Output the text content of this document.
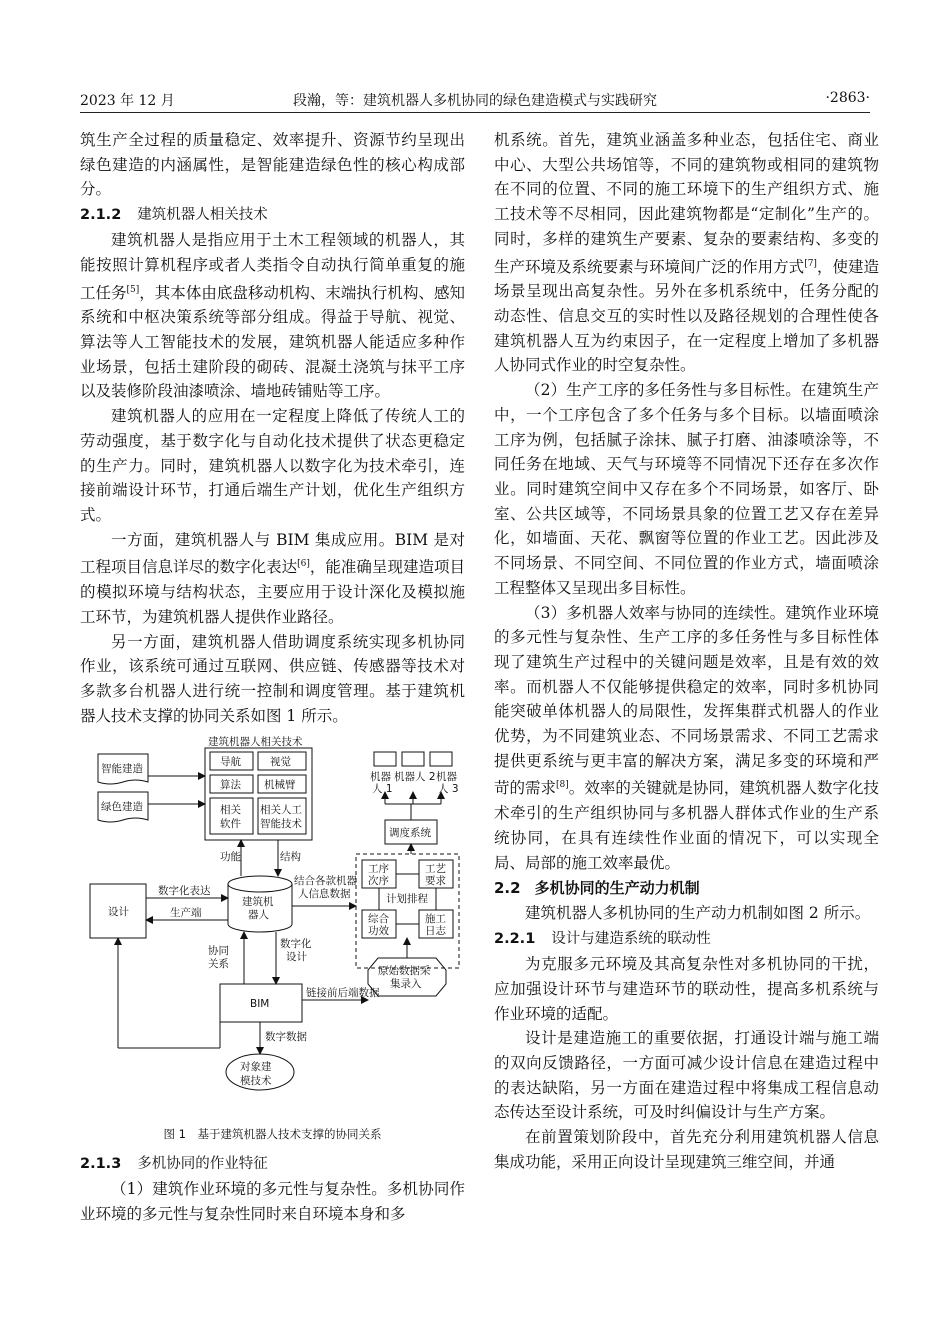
2023 年 12 月	段瀚，等：建筑机器人多机协同的绿色建造模式与实践研究	·2863·

筑生产全过程的质量稳定、效率提升、资源节约呈现出绿色建造的内涵属性，是智能建造绿色性的核心构成部分。

2.1.2 建筑机器人相关技术

建筑机器人是指应用于土木工程领域的机器人，其能按照计算机程序或者人类指令自动执行简单重复的施工任务[5]，其本体由底盘移动机构、末端执行机构、感知系统和中枢决策系统等部分组成。得益于导航、视觉、算法等人工智能技术的发展，建筑机器人能适应多种作业场景，包括土建阶段的砌砖、混凝土浇筑与抹平工序以及装修阶段油漆喷涂、墙地砖铺贴等工序。

建筑机器人的应用在一定程度上降低了传统人工的劳动强度，基于数字化与自动化技术提供了状态更稳定的生产力。同时，建筑机器人以数字化为技术牵引，连接前端设计环节，打通后端生产计划，优化生产组织方式。

一方面，建筑机器人与 BIM 集成应用。BIM 是对工程项目信息详尽的数字化表达[6]，能准确呈现建造项目的模拟环境与结构状态，主要应用于设计深化及模拟施工环节，为建筑机器人提供作业路径。

另一方面，建筑机器人借助调度系统实现多机协同作业，该系统可通过互联网、供应链、传感器等技术对多款多台机器人进行统一控制和调度管理。基于建筑机器人技术支撑的协同关系如图 1 所示。

建筑机器人相关技术
导航	视觉
算法 机械臂
相关
软件
相关人工
智能技术
智能建造
绿色建造
机器
人 1
机器人 2 机器
人 3
调度系统
功能	结构
数字化表达
结合各款机器
人信息数据
设计	生产端
建筑机
器人
工序
次序
工艺
要求
计划排程
综合
功效
施工
日志
协同
关系
数字化
设计
原始数据采
集录入
BIM
链接前后端数据
数字数据
对象建
模技术
图 1　基于建筑机器人技术支撑的协同关系
2.1.3 多机协同的作业特征

（1）建筑作业环境的多元性与复杂性。多机协同作业环境的多元性与复杂性同时来自环境本身和多

机系统。首先，建筑业涵盖多种业态，包括住宅、商业中心、大型公共场馆等，不同的建筑物或相同的建筑物在不同的位置、不同的施工环境下的生产组织方式、施工技术等不尽相同，因此建筑物都是“定制化”生产的。同时，多样的建筑生产要素、复杂的要素结构、多变的生产环境及系统要素与环境间广泛的作用方式[7]，使建造场景呈现出高复杂性。另外在多机系统中，任务分配的动态性、信息交互的实时性以及路径规划的合理性使各建筑机器人互为约束因子，在一定程度上增加了多机器人协同式作业的时空复杂性。

（2）生产工序的多任务性与多目标性。在建筑生产中，一个工序包含了多个任务与多个目标。以墙面喷涂工序为例，包括腻子涂抹、腻子打磨、油漆喷涂等，不同任务在地域、天气与环境等不同情况下还存在多次作业。同时建筑空间中又存在多个不同场景，如客厅、卧室、公共区域等，不同场景具象的位置工艺又存在差异化，如墙面、天花、飘窗等位置的作业工艺。因此涉及不同场景、不同空间、不同位置的作业方式，墙面喷涂工程整体又呈现出多目标性。

（3）多机器人效率与协同的连续性。建筑作业环境的多元性与复杂性、生产工序的多任务性与多目标性体现了建筑生产过程中的关键问题是效率，且是有效的效率。而机器人不仅能够提供稳定的效率，同时多机协同能突破单体机器人的局限性，发挥集群式机器人的作业优势，为不同建筑业态、不同场景需求、不同工艺需求提供更系统与更丰富的解决方案，满足多变的环境和严苛的需求[8]。效率的关键就是协同，建筑机器人数字化技术牵引的生产组织协同与多机器人群体式作业的生产系统协同，在具有连续性作业面的情况下，可以实现全局、局部的施工效率最优。

2.2 多机协同的生产动力机制

建筑机器人多机协同的生产动力机制如图 2 所示。

2.2.1 设计与建造系统的联动性

为克服多元环境及其高复杂性对多机协同的干扰，应加强设计环节与建造环节的联动性，提高多机系统与作业环境的适配。

设计是建造施工的重要依据，打通设计端与施工端的双向反馈路径，一方面可减少设计信息在建造过程中的表达缺陷，另一方面在建造过程中将集成工程信息动态传达至设计系统，可及时纠偏设计与生产方案。

在前置策划阶段中，首先充分利用建筑机器人信息集成功能，采用正向设计呈现建筑三维空间，并通
